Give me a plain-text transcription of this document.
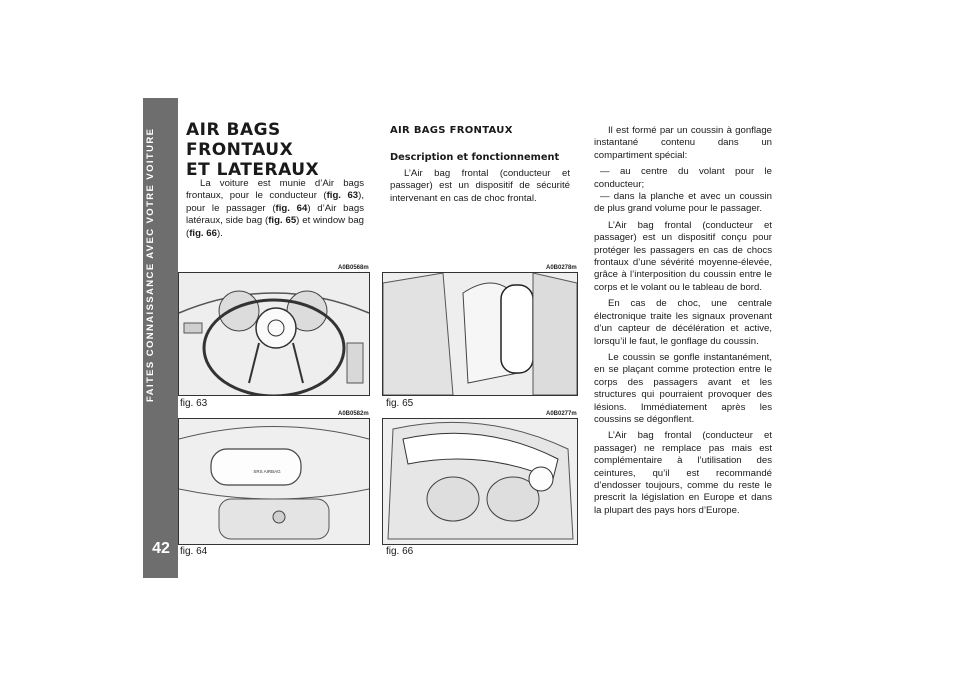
FAITES CONNAISSANCE AVEC VOTRE VOITURE
42
AIR BAGS FRONTAUX
ET LATERAUX

La voiture est munie d’Air bags frontaux, pour le conducteur (fig. 63), pour le passager (fig. 64) d’Air bags latéraux, side bag (fig. 65) et window bag (fig. 66).

AIR BAGS FRONTAUX
Description et fonctionnement

L’Air bag frontal (conducteur et passager) est un dispositif de sécurité intervenant en cas de choc frontal.

Il est formé par un coussin à gonflage instantané contenu dans un compartiment spécial:

— au centre du volant pour le conducteur;

— dans la planche et avec un coussin de plus grand volume pour le passager.

L’Air bag frontal (conducteur et passager) est un dispositif conçu pour protéger les passagers en cas de chocs frontaux d’une sévérité moyenne-élevée, grâce à l’interposition du coussin entre le corps et le volant ou le tableau de bord.

En cas de choc, une centrale électronique traite les signaux provenant d’un capteur de décélération et active, lorsqu’il le faut, le gonflage du coussin.

Le coussin se gonfle instantanément, en se plaçant comme protection entre le corps des passagers avant et les structures qui pourraient provoquer des lésions. Immédiatement après les coussins se dégonflent.

L’Air bag frontal (conducteur et passager) ne remplace pas mais est complémentaire à l’utilisation des ceintures, qu’il est recommandé d’endosser toujours, comme du reste le prescrit la législation en Europe et dans la plupart des pays hors d’Europe.

A0B0568m
fig. 63
A0B0582m
SRS AIRBAG
fig. 64
A0B0278m
fig. 65
A0B0277m
fig. 66
